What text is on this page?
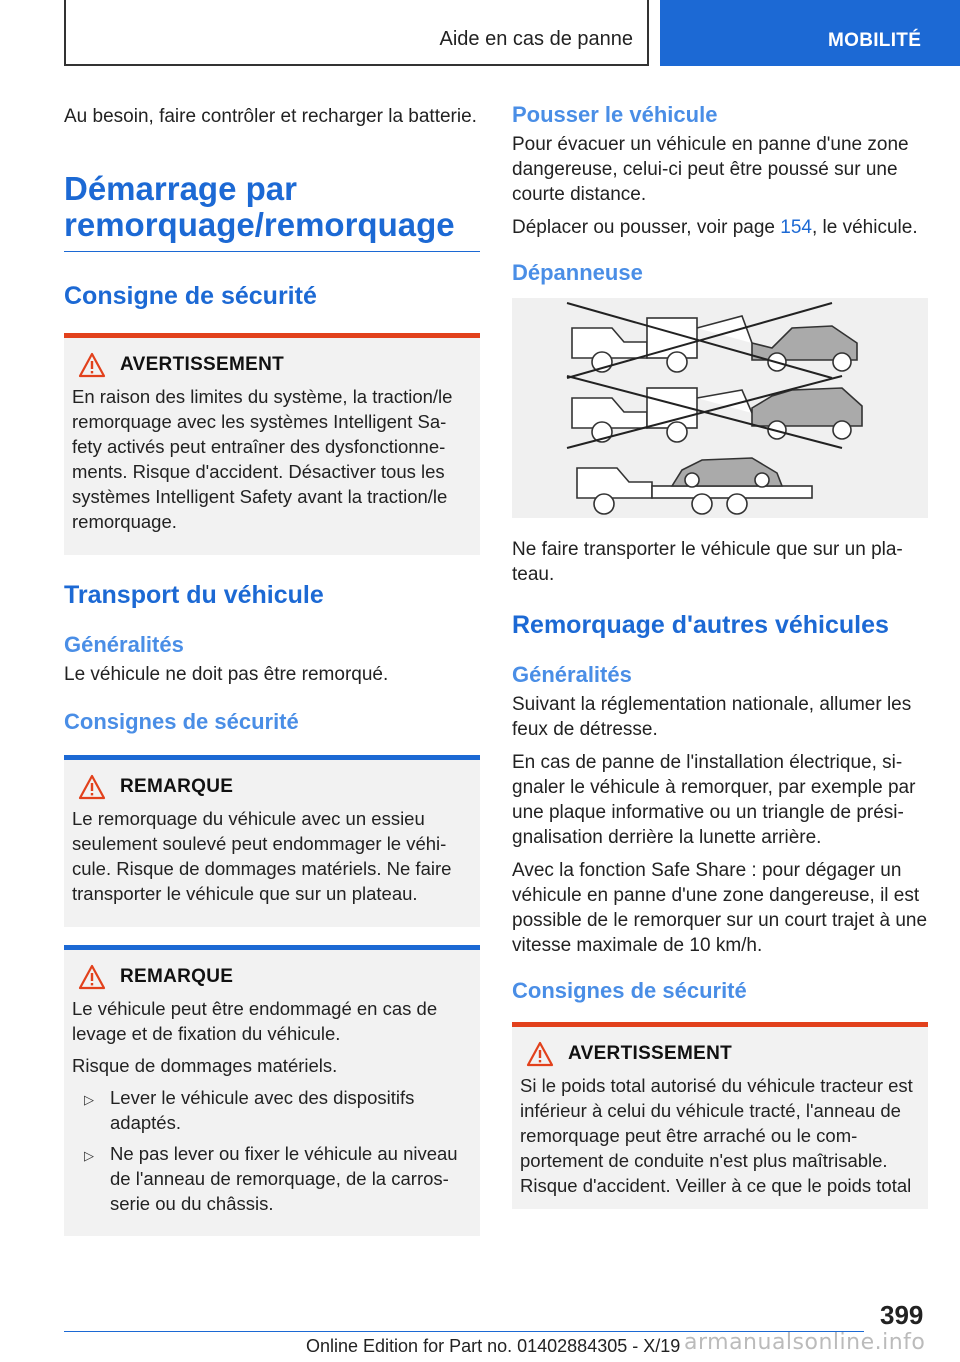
Aide en cas de panne	MOBILITÉ

Au besoin, faire contrôler et recharger la batterie.

Démarrage par remorquage/remorquage
Consigne de sécurité
AVERTISSEMENT

En raison des limites du système, la traction/le remorquage avec les systèmes Intelligent Sa-fety activés peut entraîner des dysfonctionne-ments. Risque d'accident. Désactiver tous les systèmes Intelligent Safety avant la traction/le remorquage.

Transport du véhicule
Généralités

Le véhicule ne doit pas être remorqué.

Consignes de sécurité
REMARQUE

Le remorquage du véhicule avec un essieu seulement soulevé peut endommager le véhi-cule. Risque de dommages matériels. Ne faire transporter le véhicule que sur un plateau.

REMARQUE

Le véhicule peut être endommagé en cas de levage et de fixation du véhicule.

Risque de dommages matériels.

▷ Lever le véhicule avec des dispositifs adaptés.
▷ Ne pas lever ou fixer le véhicule au niveau de l'anneau de remorquage, de la carros-serie ou du châssis.
Pousser le véhicule

Pour évacuer un véhicule en panne d'une zone dangereuse, celui-ci peut être poussé sur une courte distance.

Déplacer ou pousser, voir page 154, le véhicule.

Dépanneuse

Ne faire transporter le véhicule que sur un pla-teau.

Remorquage d'autres véhicules
Généralités

Suivant la réglementation nationale, allumer les feux de détresse.

En cas de panne de l'installation électrique, si-gnaler le véhicule à remorquer, par exemple par une plaque informative ou un triangle de prési-gnalisation derrière la lunette arrière.

Avec la fonction Safe Share : pour dégager un véhicule en panne d'une zone dangereuse, il est possible de le remorquer sur un court trajet à une vitesse maximale de 10 km/h.

Consignes de sécurité
AVERTISSEMENT

Si le poids total autorisé du véhicule tracteur est inférieur à celui du véhicule tracté, l'anneau de remorquage peut être arraché ou le com-portement de conduite n'est plus maîtrisable. Risque d'accident. Veiller à ce que le poids total

399
Online Edition for Part no. 01402884305 - X/19 armanualsonline.info
